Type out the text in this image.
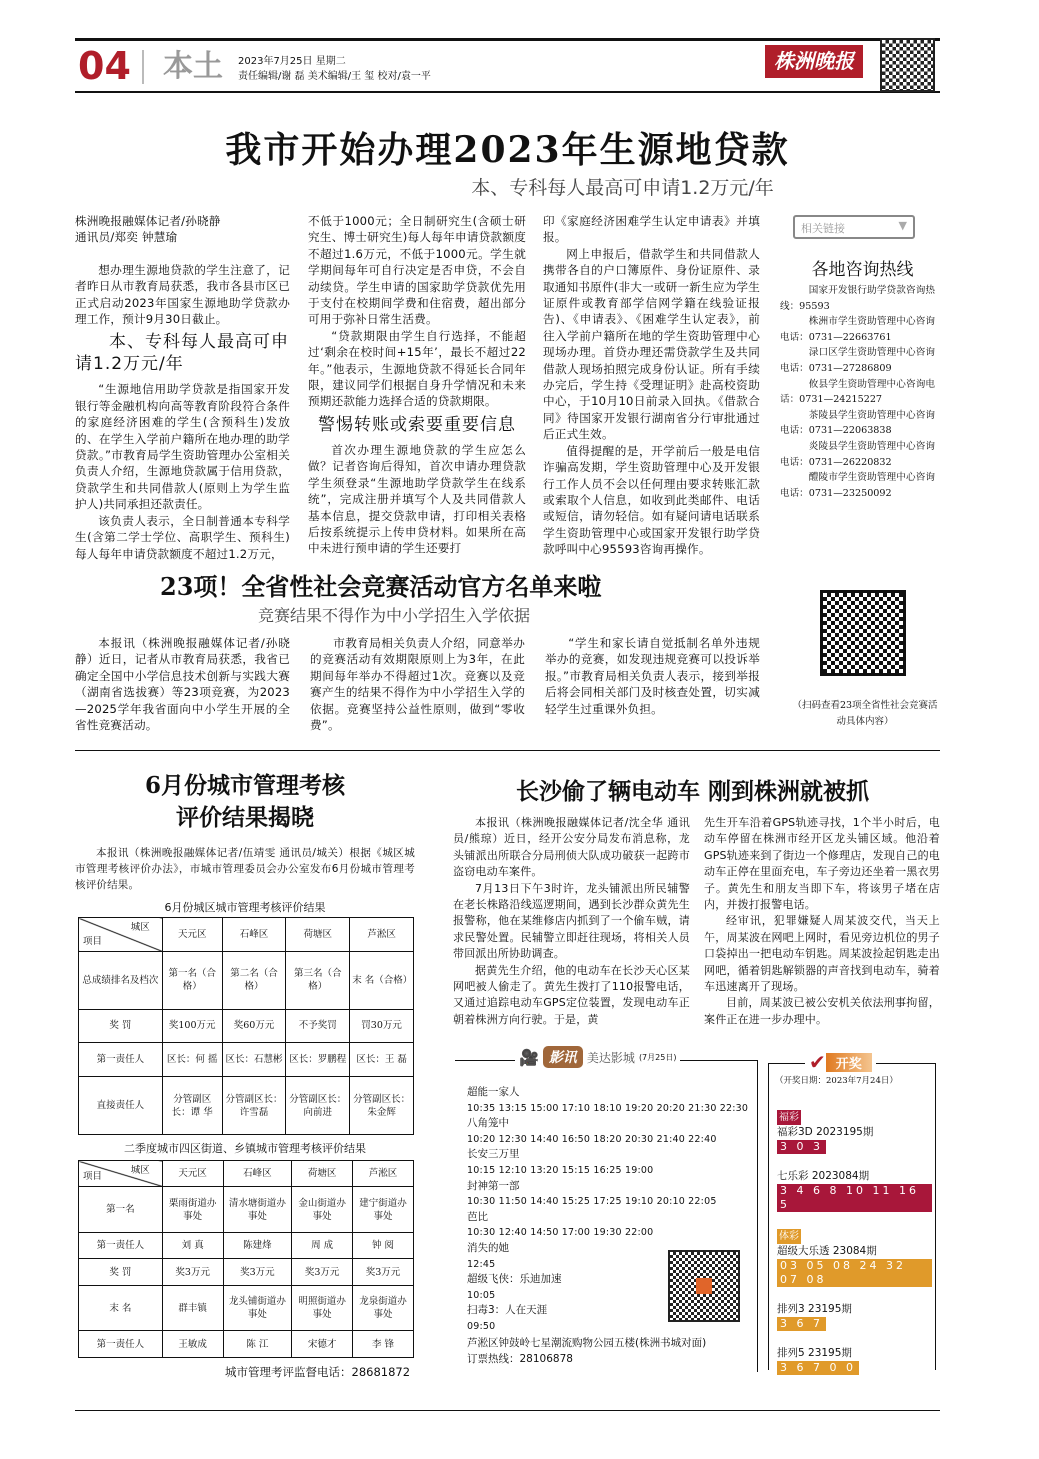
04 本土 2023年7月25日 星期二
责任编辑/谢 磊 美术编辑/王 玺 校对/袁一平
株洲晚报
我市开始办理2023年生源地贷款
本、专科每人最高可申请1.2万元/年

株洲晚报融媒体记者/孙晓静

通讯员/郑奕 钟慧瑜

想办理生源地贷款的学生注意了，记者昨日从市教育局获悉，我市各县市区已正式启动2023年国家生源地助学贷款办理工作，预计9月30日截止。

本、专科每人最高可申请1.2万元/年

“生源地信用助学贷款是指国家开发银行等金融机构向高等教育阶段符合条件的家庭经济困难的学生(含预科生)发放的、在学生入学前户籍所在地办理的助学贷款。”市教育局学生资助管理办公室相关负责人介绍，生源地贷款属于信用贷款，贷款学生和共同借款人(原则上为学生监护人)共同承担还款责任。

该负责人表示，全日制普通本专科学生(含第二学士学位、高职学生、预科生)每人每年申请贷款额度不超过1.2万元，

不低于1000元；全日制研究生(含硕士研究生、博士研究生)每人每年申请贷款额度不超过1.6万元，不低于1000元。学生就学期间每年可自行决定是否申贷，不会自动续贷。学生申请的国家助学贷款优先用于支付在校期间学费和住宿费，超出部分可用于弥补日常生活费。

“贷款期限由学生自行选择，不能超过‘剩余在校时间+15年’，最长不超过22年。”他表示，生源地贷款不得延长合同年限，建议同学们根据自身升学情况和未来预期还款能力选择合适的贷款期限。

警惕转账或索要重要信息

首次办理生源地贷款的学生应怎么做？记者咨询后得知，首次申请办理贷款学生须登录“生源地助学贷款学生在线系统”，完成注册并填写个人及共同借款人基本信息，提交贷款申请，打印相关表格后按系统提示上传申贷材料。如果所在高中未进行预申请的学生还要打

印《家庭经济困难学生认定申请表》并填报。

网上申报后，借款学生和共同借款人携带各自的户口簿原件、身份证原件、录取通知书原件(非大一或研一新生应为学生证原件或教育部学信网学籍在线验证报告)、《申请表》、《困难学生认定表》，前往入学前户籍所在地的学生资助管理中心现场办理。首贷办理还需贷款学生及共同借款人现场拍照完成身份认证。所有手续办完后，学生持《受理证明》赴高校资助中心，于10月10日前录入回执。《借款合同》待国家开发银行湖南省分行审批通过后正式生效。

值得提醒的是，开学前后一般是电信诈骗高发期，学生资助管理中心及开发银行工作人员不会以任何理由要求转账汇款或索取个人信息，如收到此类邮件、电话或短信，请勿轻信。如有疑问请电话联系学生资助管理中心或国家开发银行助学贷款呼叫中心95593咨询再操作。

相关链接	▼
各地咨询热线
国家开发银行助学贷款咨询热线：95593
株洲市学生资助管理中心咨询电话：0731—22663761
渌口区学生资助管理中心咨询电话：0731—27286809
攸县学生资助管理中心咨询电话：0731—24215227
茶陵县学生资助管理中心咨询电话：0731—22063838
炎陵县学生资助管理中心咨询电话：0731—26220832
醴陵市学生资助管理中心咨询电话：0731—23250092
23项！全省性社会竞赛活动官方名单来啦
竞赛结果不得作为中小学招生入学依据

本报讯（株洲晚报融媒体记者/孙晓静）近日，记者从市教育局获悉，我省已确定全国中小学信息技术创新与实践大赛（湖南省选拔赛）等23项竞赛，为2023—2025学年我省面向中小学生开展的全省性竞赛活动。

市教育局相关负责人介绍，同意举办的竞赛活动有效期限原则上为3年，在此期间每年举办不得超过1次。竞赛以及竞赛产生的结果不得作为中小学招生入学的依据。竞赛坚持公益性原则，做到“零收费”。

“学生和家长请自觉抵制名单外违规举办的竞赛，如发现违规竞赛可以投诉举报。”市教育局相关负责人表示，接到举报后将会同相关部门及时核查处置，切实减轻学生过重课外负担。	（扫码查看23项全省性社会竞赛活动具体内容）
6月份城市管理考核
评价结果揭晓

本报讯（株洲晚报融媒体记者/伍靖雯 通讯员/城关）根据《城区城市管理考核评价办法》，市城市管理委员会办公室发布6月份城市管理考核评价结果。

6月份城区城市管理考核评价结果
城区
项目	天元区	石峰区	荷塘区	芦淞区
总成绩排名及档次	第一名（合格）	第二名（合格）	第三名（合格）	末 名（合格）
奖 罚	奖100万元	奖60万元	不予奖罚	罚30万元
第一责任人	区长：何 摇	区长：石慧彬	区长：罗鹏程	区长：王 磊
直接责任人	分管副区长：谭 华	分管副区长：许雪磊	分管副区长：向前进	分管副区长：朱金辉
二季度城市四区街道、乡镇城市管理考核评价结果
城区
项目	天元区	石峰区	荷塘区	芦淞区
第一名	栗雨街道办事处	清水塘街道办事处	金山街道办事处	建宁街道办事处
第一责任人	刘 真	陈建烽	周 成	钟 阅
奖 罚	奖3万元	奖3万元	奖3万元	奖3万元
末 名	群丰镇	龙头铺街道办事处	明照街道办事处	龙泉街道办事处
第一责任人	王敏成	陈 江	宋德才	李 锋
城市管理考评监督电话：28681872
长沙偷了辆电动车 刚到株洲就被抓

本报讯（株洲晚报融媒体记者/沈全华 通讯员/熊琼）近日，经开公安分局发布消息称，龙头铺派出所联合分局刑侦大队成功破获一起跨市盗窃电动车案件。

7月13日下午3时许，龙头铺派出所民辅警在老长株路沿线巡逻期间，遇到长沙群众黄先生报警称，他在某维修店内抓到了一个偷车贼，请求民警处置。民辅警立即赶往现场，将相关人员带回派出所协助调查。

据黄先生介绍，他的电动车在长沙天心区某网吧被人偷走了。黄先生拨打了110报警电话，又通过追踪电动车GPS定位装置，发现电动车正朝着株洲方向行驶。于是，黄

先生开车沿着GPS轨迹寻找，1个半小时后，电动车停留在株洲市经开区龙头铺区域。他沿着GPS轨迹来到了街边一个修理店，发现自己的电动车正停在里面充电，车子旁边还坐着一黑衣男子。黄先生和朋友当即下车，将该男子堵在店内，并拨打报警电话。

经审讯，犯罪嫌疑人周某波交代，当天上午，周某波在网吧上网时，看见旁边机位的男子口袋掉出一把电动车钥匙。周某波捡起钥匙走出网吧，循着钥匙解锁器的声音找到电动车，骑着车迅速离开了现场。

目前，周某波已被公安机关依法刑事拘留，案件正在进一步办理中。

🎥 影讯 美达影城 (7月25日)
超能一家人
10:35 13:15 15:00 17:10 18:10 19:20 20:20 21:30 22:30
八角笼中
10:20 12:30 14:40 16:50 18:20 20:30 21:40 22:40
长安三万里
10:15 12:10 13:20 15:15 16:25 19:00
封神第一部
10:30 11:50 14:40 15:25 17:25 19:10 20:10 22:05
芭比
10:30 12:40 14:50 17:00 19:30 22:00
消失的她
12:45
超级飞侠：乐迪加速
10:05
扫毒3：人在天涯
09:50
芦淞区钟鼓岭七星潮流购物公园五楼(株洲书城对面)
订票热线：28106878
✔ 开奖
（开奖日期：2023年7月24日）
福彩
福彩3D 2023195期
3 0 3
七乐彩 2023084期
3 4 6 8 10 11 16 5
体彩
超级大乐透 23084期
03 05 08 24 32 07 08
排列3 23195期
3 6 7
排列5 23195期
3 6 7 0 0
